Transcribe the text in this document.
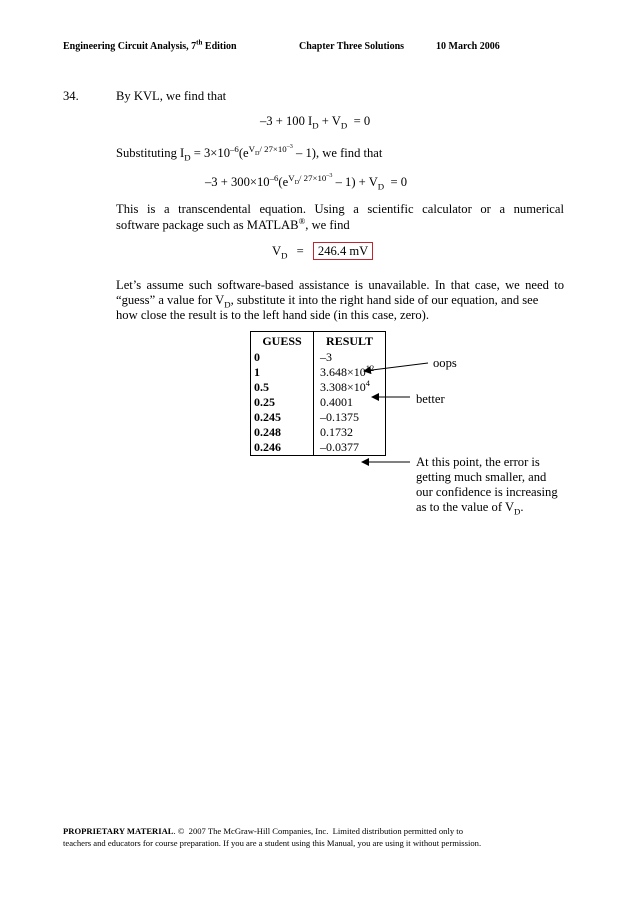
Engineering Circuit Analysis, 7th Edition	Chapter Three Solutions	10 March 2006
34.	By KVL, we find that
–3 + 100 $I_D + V_D = 0$
Substituting $I_D = 3\times 10^{-6}(e^{V_D/ 27\times 10^{-3}} - 1)$, we find that
$-3 + 300\times 10^{-6}(e^{V_D/ 27\times 10^{-3}} - 1) + V_D = 0$
This is a transcendental equation. Using a scientific calculator or a numerical
software package such as MATLAB®, we find
$V_D = 246.4$ mV
Let’s assume such software-based assistance is unavailable. In that case, we need to
“guess” a value for $V_D$, substitute it into the right hand side of our equation, and see
how close the result is to the left hand side (in this case, zero).
GUESS	RESULT
0	–3
1	$3.648\times 10^{12}$
0.5	$3.308\times 10^4$
0.25	0.4001
0.245	–0.1375
0.248	0.1732
0.246	–0.0377
oops
better
At this point, the error is
getting much smaller, and
our confidence is increasing
as to the value of $V_D$.
PROPRIETARY MATERIAL. ©  2007 The McGraw-Hill Companies, Inc.  Limited distribution permitted only to
teachers and educators for course preparation. If you are a student using this Manual, you are using it without permission.
